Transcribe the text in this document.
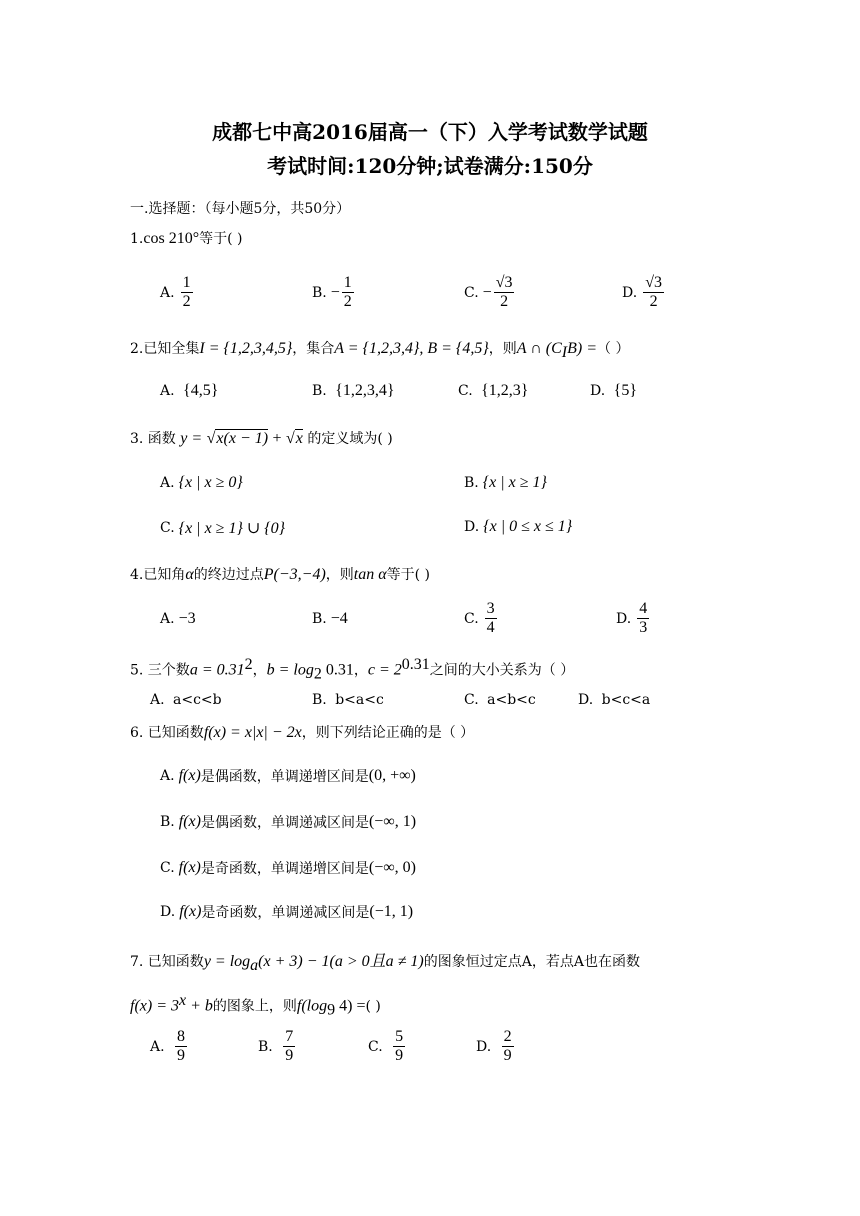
成都七中高2016届高一（下）入学考试数学试题
考试时间:120分钟;试卷满分:150分
一.选择题：（每小题5分，共50分）
1.cos 210°等于( )
A. $\frac{1}{2}$	B. − $\frac{1}{2}$	C. − $\frac{√3}{2}$	D. $\frac{√3}{2}$
2.已知全集I = {1,2,3,4,5}，集合A = {1,2,3,4}, B = {4,5}，则A ∩ $(C_IB)$ =（ ）
A.
{4,5}	B.
{1,2,3,4}	C.
{1,2,3}	D.
{5}
3. 函数 y = √x(x − 1) + √x 的定义域为( )
A. {x | x ≥ 0}	B. {x | x ≥ 1}
C. {x | x ≥ 1} ∪ {0}	D. {x | 0 ≤ x ≤ 1}
4.已知角α的终边过点P(−3,−4)，则tan α等于( )
A. −3	B. −4	C. $\frac{3}{4}$	D. $\frac{4}{3}$
5. 三个数$a = 0.31^2$，$b = \log_2 0.31$，$c = 2^{0.31}$之间的大小关系为（ ）
A.
a<c<b	B.
b<a<c	C.
a<b<c	D.
b<c<a
6. 已知函数f(x) = x|x| − 2x，则下列结论正确的是（ ）
A. f(x) 是偶函数，单调递增区间是 (0, +∞)
B. f(x) 是偶函数，单调递减区间是 (−∞, 1)
C. f(x) 是奇函数，单调递增区间是 (−∞, 0)
D. f(x) 是奇函数，单调递减区间是 (−1, 1)
7. 已知函数$y = \log_a(x + 3) - 1(a > 0$且a ≠ 1)的图象恒过定点A，若点A也在函数
$f(x) = 3^x + b$的图象上，则$f(\log_9$ 4) =( )
A.
$\frac{8}{9}$	B.
$\frac{7}{9}$	C.
$\frac{5}{9}$	D.
$\frac{2}{9}$
